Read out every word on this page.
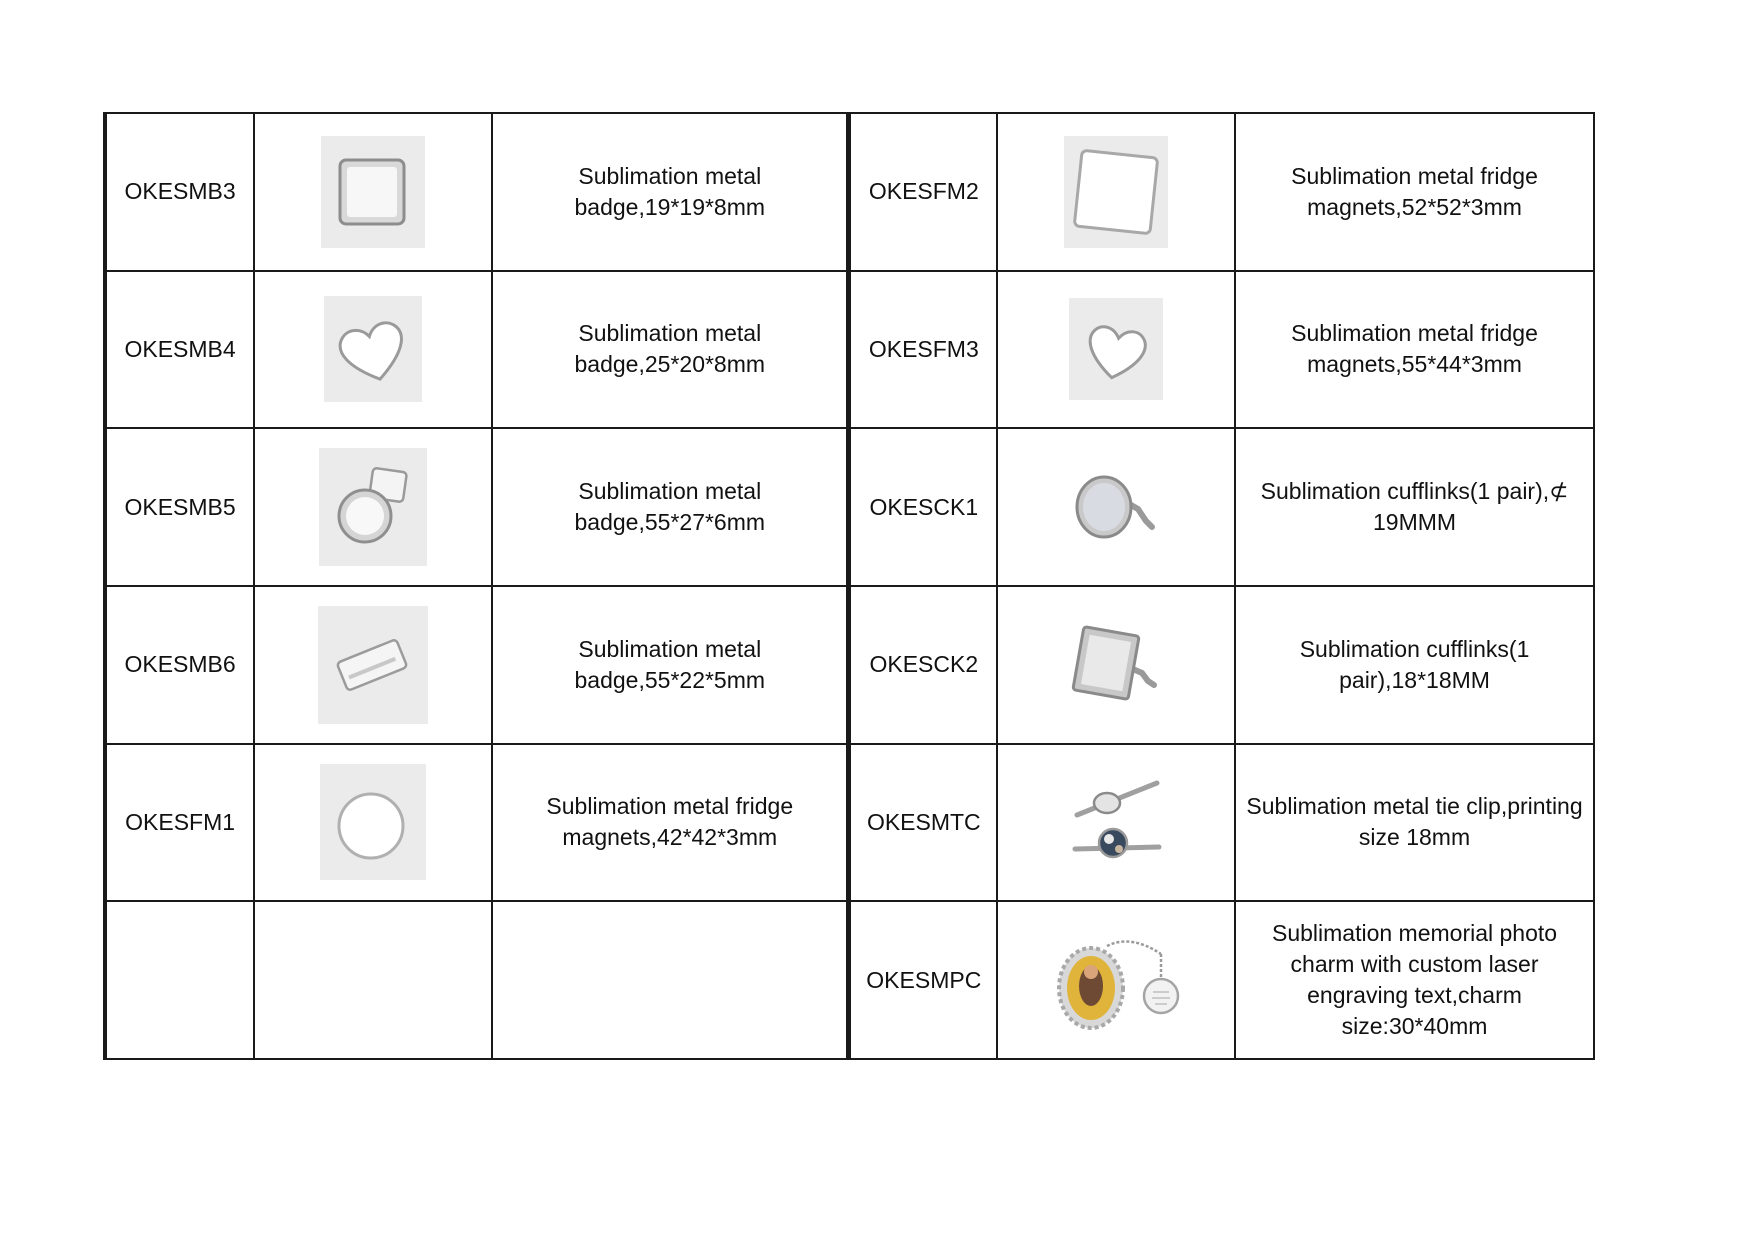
OKESMB3		Sublimation metal badge,19*19*8mm	OKESFM2		Sublimation metal fridge magnets,52*52*3mm
OKESMB4		Sublimation metal badge,25*20*8mm	OKESFM3		Sublimation metal fridge magnets,55*44*3mm
OKESMB5		Sublimation metal badge,55*27*6mm	OKESCK1		Sublimation cufflinks(1 pair),⊄ 19MMM
OKESMB6		Sublimation metal badge,55*22*5mm	OKESCK2		Sublimation cufflinks(1 pair),18*18MM
OKESFM1		Sublimation metal fridge magnets,42*42*3mm	OKESMTC		Sublimation metal tie clip,printing size 18mm
			OKESMPC		Sublimation memorial photo charm with custom laser engraving text,charm size:30*40mm
